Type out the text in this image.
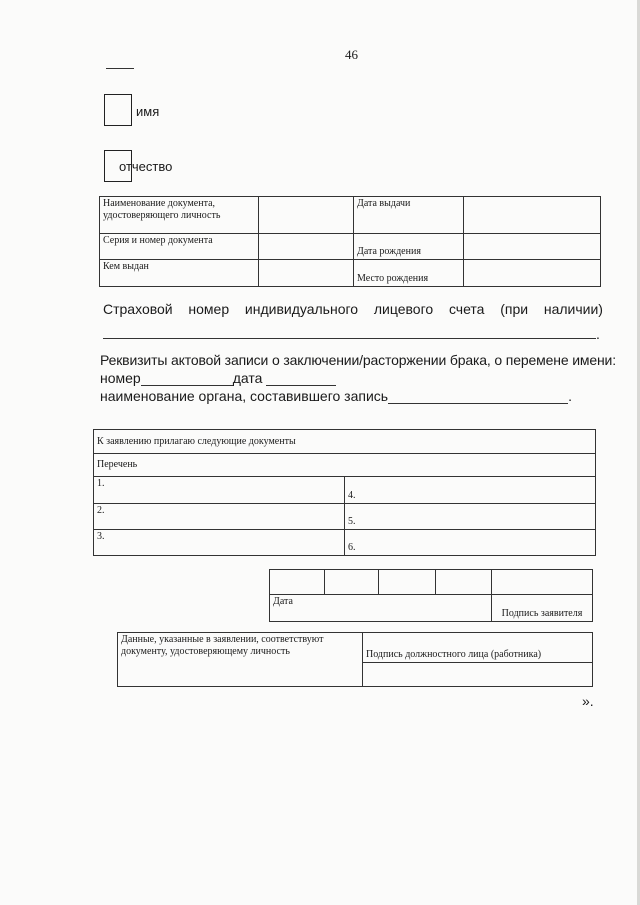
46
имя
отчество
Наименование документа, удостоверяющего личность		Дата выдачи	
Серия и номер документа		Дата рождения	
Кем выдан		Место рождения	
Страховой номер индивидуального лицевого счета (при наличии)
.
Реквизиты актовой записи о заключении/расторжении брака, о перемене имени:
номер	дата
наименование органа, составившего запись	.
К заявлению прилагаю следующие документы	
Перечень	
1.	4.
2.	5.
3.	6.

Дата				Подпись заявителя
Данные, указанные в заявлении, соответствуют документу, удостоверяющему личность	Подпись должностного лица (работника)

».
